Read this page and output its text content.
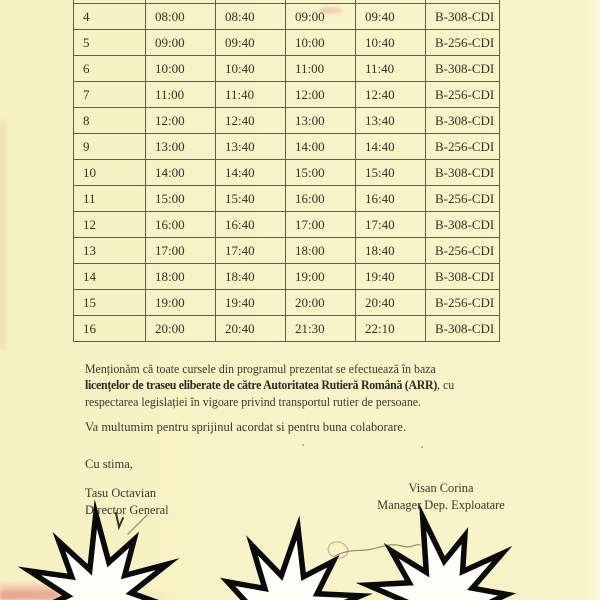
4	08:00	08:40	09:00	09:40	B-308-CDI
5	09:00	09:40	10:00	10:40	B-256-CDI
6	10:00	10:40	11:00	11:40	B-308-CDI
7	11:00	11:40	12:00	12:40	B-256-CDI
8	12:00	12:40	13:00	13:40	B-308-CDI
9	13:00	13:40	14:00	14:40	B-256-CDI
10	14:00	14:40	15:00	15:40	B-308-CDI
11	15:00	15:40	16:00	16:40	B-256-CDI
12	16:00	16:40	17:00	17:40	B-308-CDI
13	17:00	17:40	18:00	18:40	B-256-CDI
14	18:00	18:40	19:00	19:40	B-308-CDI
15	19:00	19:40	20:00	20:40	B-256-CDI
16	20:00	20:40	21:30	22:10	B-308-CDI
Menționăm că toate cursele din programul prezentat se efectuează în baza
licențelor de traseu eliberate de către Autoritatea Rutieră Română (ARR), cu
respectarea legislației în vigoare privind transportul rutier de persoane.
Va multumim pentru sprijinul acordat si pentru buna colaborare.
Cu stima,
Tasu Octavian
Director General
Visan Corina
Manager Dep. Exploatare
